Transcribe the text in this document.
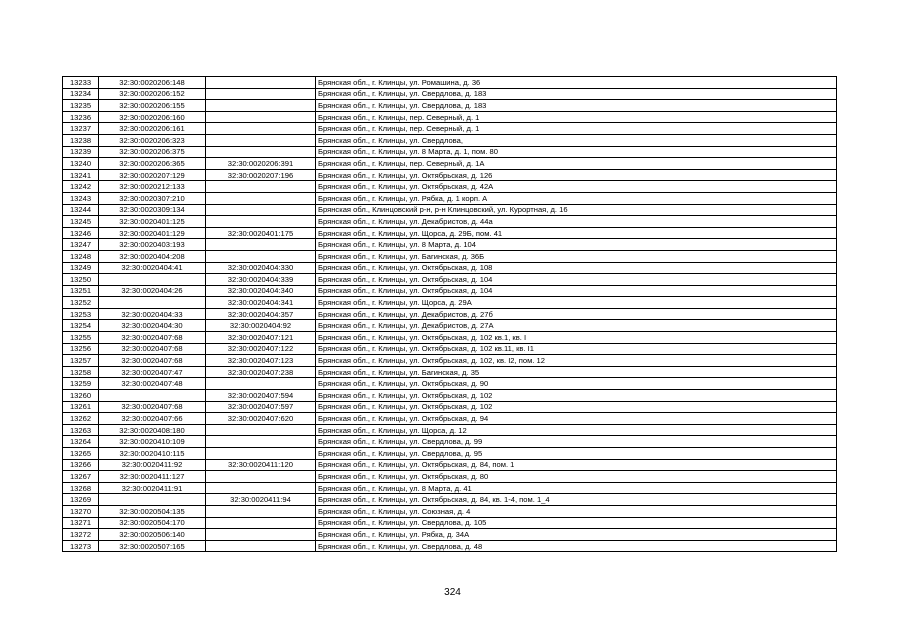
13233	32:30:0020206:148		Брянская обл., г. Клинцы, ул. Ромашина, д. 36
13234	32:30:0020206:152		Брянская обл., г. Клинцы, ул. Свердлова, д. 183
13235	32:30:0020206:155		Брянская обл., г. Клинцы, ул. Свердлова, д. 183
13236	32:30:0020206:160		Брянская обл., г. Клинцы, пер. Северный, д. 1
13237	32:30:0020206:161		Брянская обл., г. Клинцы, пер. Северный, д. 1
13238	32:30:0020206:323		Брянская обл., г. Клинцы, ул. Свердлова,
13239	32:30:0020206:375		Брянская обл., г. Клинцы, ул. 8 Марта, д. 1, пом. 80
13240	32:30:0020206:365	32:30:0020206:391	Брянская обл., г. Клинцы, пер. Северный, д. 1А
13241	32:30:0020207:129	32:30:0020207:196	Брянская обл., г. Клинцы, ул. Октябрьская, д. 126
13242	32:30:0020212:133		Брянская обл., г. Клинцы, ул. Октябрьская, д. 42А
13243	32:30:0020307:210		Брянская обл., г. Клинцы, ул. Рябка, д. 1 корп. А
13244	32:30:0020309:134		Брянская обл., Клинцовский р-н, р-н Клинцовский, ул. Курортная, д. 16
13245	32:30:0020401:125		Брянская обл., г. Клинцы, ул. Декабристов, д. 44а
13246	32:30:0020401:129	32:30:0020401:175	Брянская обл., г. Клинцы, ул. Щорса, д. 29Б, пом. 41
13247	32:30:0020403:193		Брянская обл., г. Клинцы, ул. 8 Марта, д. 104
13248	32:30:0020404:208		Брянская обл., г. Клинцы, ул. Багинская, д. 36Б
13249	32:30:0020404:41	32:30:0020404:330	Брянская обл., г. Клинцы, ул. Октябрьская, д. 108
13250		32:30:0020404:339	Брянская обл., г. Клинцы, ул. Октябрьская, д. 104
13251	32:30:0020404:26	32:30:0020404:340	Брянская обл., г. Клинцы, ул. Октябрьская, д. 104
13252		32:30:0020404:341	Брянская обл., г. Клинцы, ул. Щорса, д. 29А
13253	32:30:0020404:33	32:30:0020404:357	Брянская обл., г. Клинцы, ул. Декабристов, д. 27б
13254	32:30:0020404:30	32:30:0020404:92	Брянская обл., г. Клинцы, ул. Декабристов, д. 27А
13255	32:30:0020407:68	32:30:0020407:121	Брянская обл., г. Клинцы, ул. Октябрьская, д. 102 кв.1, кв. I
13256	32:30:0020407:68	32:30:0020407:122	Брянская обл., г. Клинцы, ул. Октябрьская, д. 102 кв.11, кв. I1
13257	32:30:0020407:68	32:30:0020407:123	Брянская обл., г. Клинцы, ул. Октябрьская, д. 102, кв. I2, пом. 12
13258	32:30:0020407:47	32:30:0020407:238	Брянская обл., г. Клинцы, ул. Багинская, д. 35
13259	32:30:0020407:48		Брянская обл., г. Клинцы, ул. Октябрьская, д. 90
13260		32:30:0020407:594	Брянская обл., г. Клинцы, ул. Октябрьская, д. 102
13261	32:30:0020407:68	32:30:0020407:597	Брянская обл., г. Клинцы, ул. Октябрьская, д. 102
13262	32:30:0020407:66	32:30:0020407:620	Брянская обл., г. Клинцы, ул. Октябрьская, д. 94
13263	32:30:0020408:180		Брянская обл., г. Клинцы, ул. Щорса, д. 12
13264	32:30:0020410:109		Брянская обл., г. Клинцы, ул. Свердлова, д. 99
13265	32:30:0020410:115		Брянская обл., г. Клинцы, ул. Свердлова, д. 95
13266	32:30:0020411:92	32:30:0020411:120	Брянская обл., г. Клинцы, ул. Октябрьская, д. 84, пом. 1
13267	32:30:0020411:127		Брянская обл., г. Клинцы, ул. Октябрьская, д. 80
13268	32:30:0020411:91		Брянская обл., г. Клинцы, ул. 8 Марта, д. 41
13269		32:30:0020411:94	Брянская обл., г. Клинцы, ул. Октябрьская, д. 84, кв. 1-4, пом. 1_4
13270	32:30:0020504:135		Брянская обл., г. Клинцы, ул. Союзная, д. 4
13271	32:30:0020504:170		Брянская обл., г. Клинцы, ул. Свердлова, д. 105
13272	32:30:0020506:140		Брянская обл., г. Клинцы, ул. Рябка, д. 34А
13273	32:30:0020507:165		Брянская обл., г. Клинцы, ул. Свердлова, д. 48
324
